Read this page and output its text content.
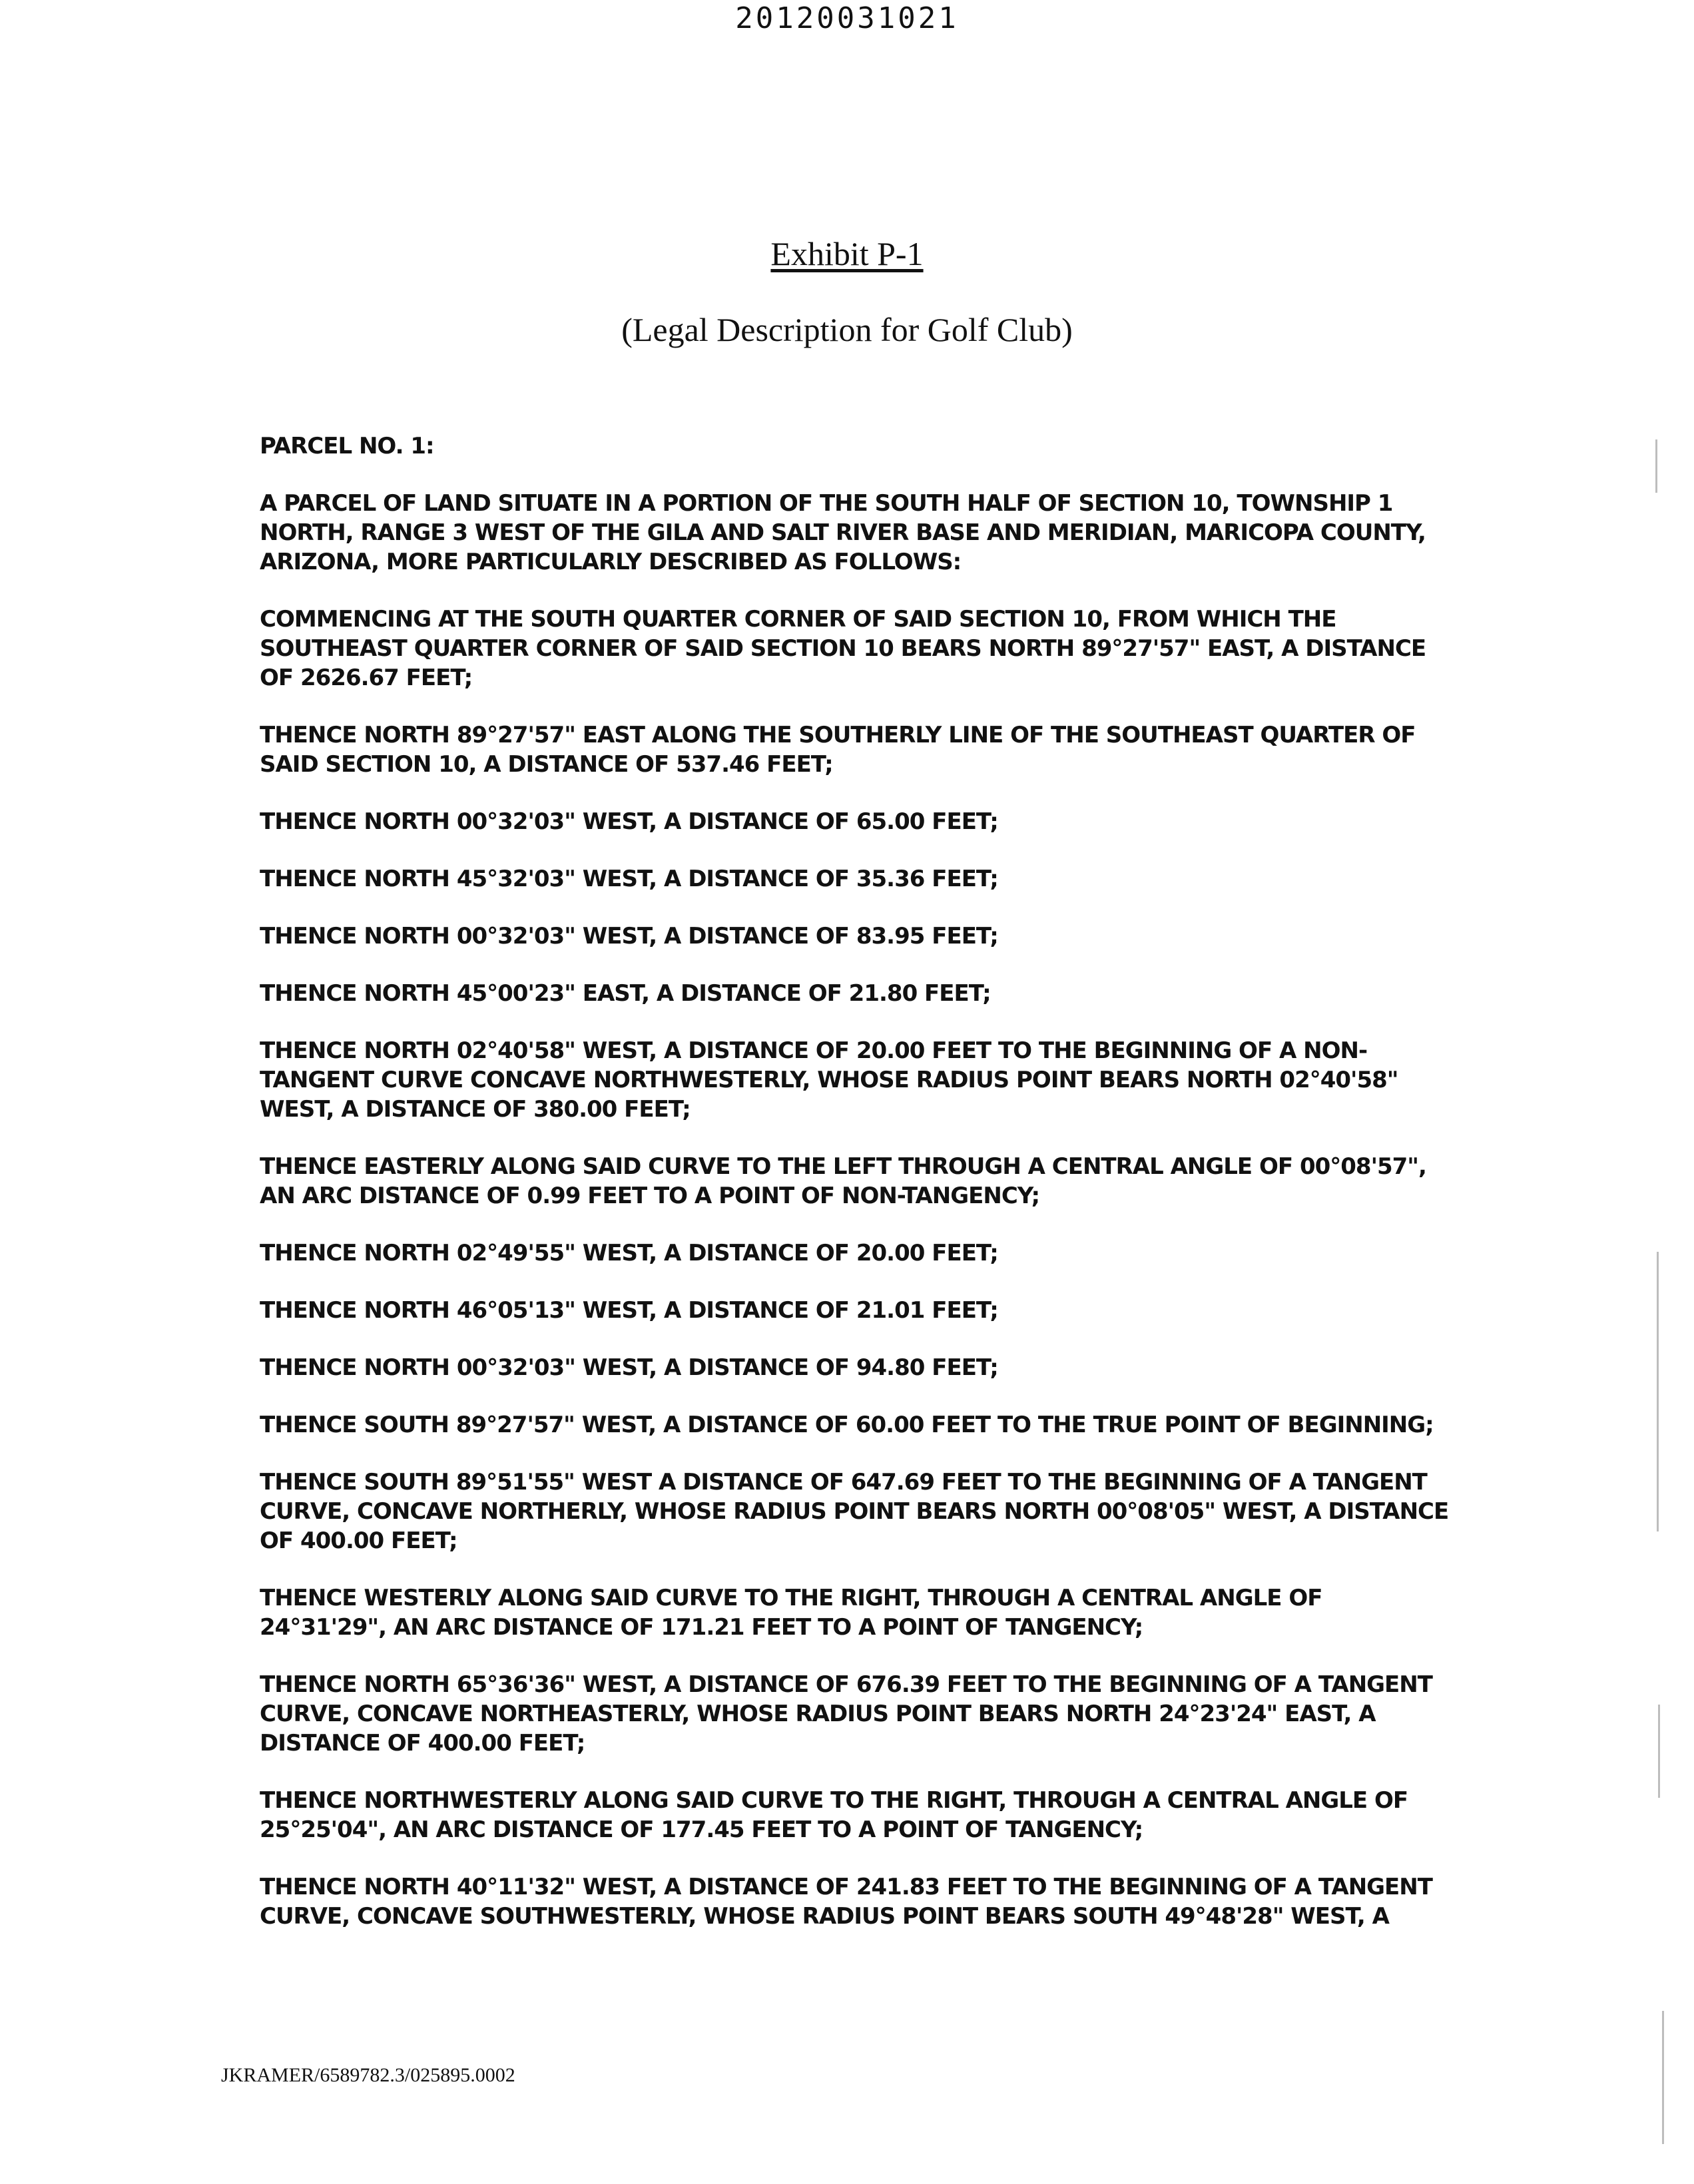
20120031021
Exhibit P-1
(Legal Description for Golf Club)

PARCEL NO. 1:

A PARCEL OF LAND SITUATE IN A PORTION OF THE SOUTH HALF OF SECTION 10, TOWNSHIP 1 NORTH, RANGE 3 WEST OF THE GILA AND SALT RIVER BASE AND MERIDIAN, MARICOPA COUNTY, ARIZONA, MORE PARTICULARLY DESCRIBED AS FOLLOWS:

COMMENCING AT THE SOUTH QUARTER CORNER OF SAID SECTION 10, FROM WHICH THE SOUTHEAST QUARTER CORNER OF SAID SECTION 10 BEARS NORTH 89°27'57" EAST, A DISTANCE OF 2626.67 FEET;

THENCE NORTH 89°27'57" EAST ALONG THE SOUTHERLY LINE OF THE SOUTHEAST QUARTER OF SAID SECTION 10, A DISTANCE OF 537.46 FEET;

THENCE NORTH 00°32'03" WEST, A DISTANCE OF 65.00 FEET;

THENCE NORTH 45°32'03" WEST, A DISTANCE OF 35.36 FEET;

THENCE NORTH 00°32'03" WEST, A DISTANCE OF 83.95 FEET;

THENCE NORTH 45°00'23" EAST, A DISTANCE OF 21.80 FEET;

THENCE NORTH 02°40'58" WEST, A DISTANCE OF 20.00 FEET TO THE BEGINNING OF A NON-TANGENT CURVE CONCAVE NORTHWESTERLY, WHOSE RADIUS POINT BEARS NORTH 02°40'58" WEST, A DISTANCE OF 380.00 FEET;

THENCE EASTERLY ALONG SAID CURVE TO THE LEFT THROUGH A CENTRAL ANGLE OF 00°08'57", AN ARC DISTANCE OF 0.99 FEET TO A POINT OF NON-TANGENCY;

THENCE NORTH 02°49'55" WEST, A DISTANCE OF 20.00 FEET;

THENCE NORTH 46°05'13" WEST, A DISTANCE OF 21.01 FEET;

THENCE NORTH 00°32'03" WEST, A DISTANCE OF 94.80 FEET;

THENCE SOUTH 89°27'57" WEST, A DISTANCE OF 60.00 FEET TO THE TRUE POINT OF BEGINNING;

THENCE SOUTH 89°51'55" WEST A DISTANCE OF 647.69 FEET TO THE BEGINNING OF A TANGENT CURVE, CONCAVE NORTHERLY, WHOSE RADIUS POINT BEARS NORTH 00°08'05" WEST, A DISTANCE OF 400.00 FEET;

THENCE WESTERLY ALONG SAID CURVE TO THE RIGHT, THROUGH A CENTRAL ANGLE OF 24°31'29", AN ARC DISTANCE OF 171.21 FEET TO A POINT OF TANGENCY;

THENCE NORTH 65°36'36" WEST, A DISTANCE OF 676.39 FEET TO THE BEGINNING OF A TANGENT CURVE, CONCAVE NORTHEASTERLY, WHOSE RADIUS POINT BEARS NORTH 24°23'24" EAST, A DISTANCE OF 400.00 FEET;

THENCE NORTHWESTERLY ALONG SAID CURVE TO THE RIGHT, THROUGH A CENTRAL ANGLE OF 25°25'04", AN ARC DISTANCE OF 177.45 FEET TO A POINT OF TANGENCY;

THENCE NORTH 40°11'32" WEST, A DISTANCE OF 241.83 FEET TO THE BEGINNING OF A TANGENT CURVE, CONCAVE SOUTHWESTERLY, WHOSE RADIUS POINT BEARS SOUTH 49°48'28" WEST, A

JKRAMER/6589782.3/025895.0002
